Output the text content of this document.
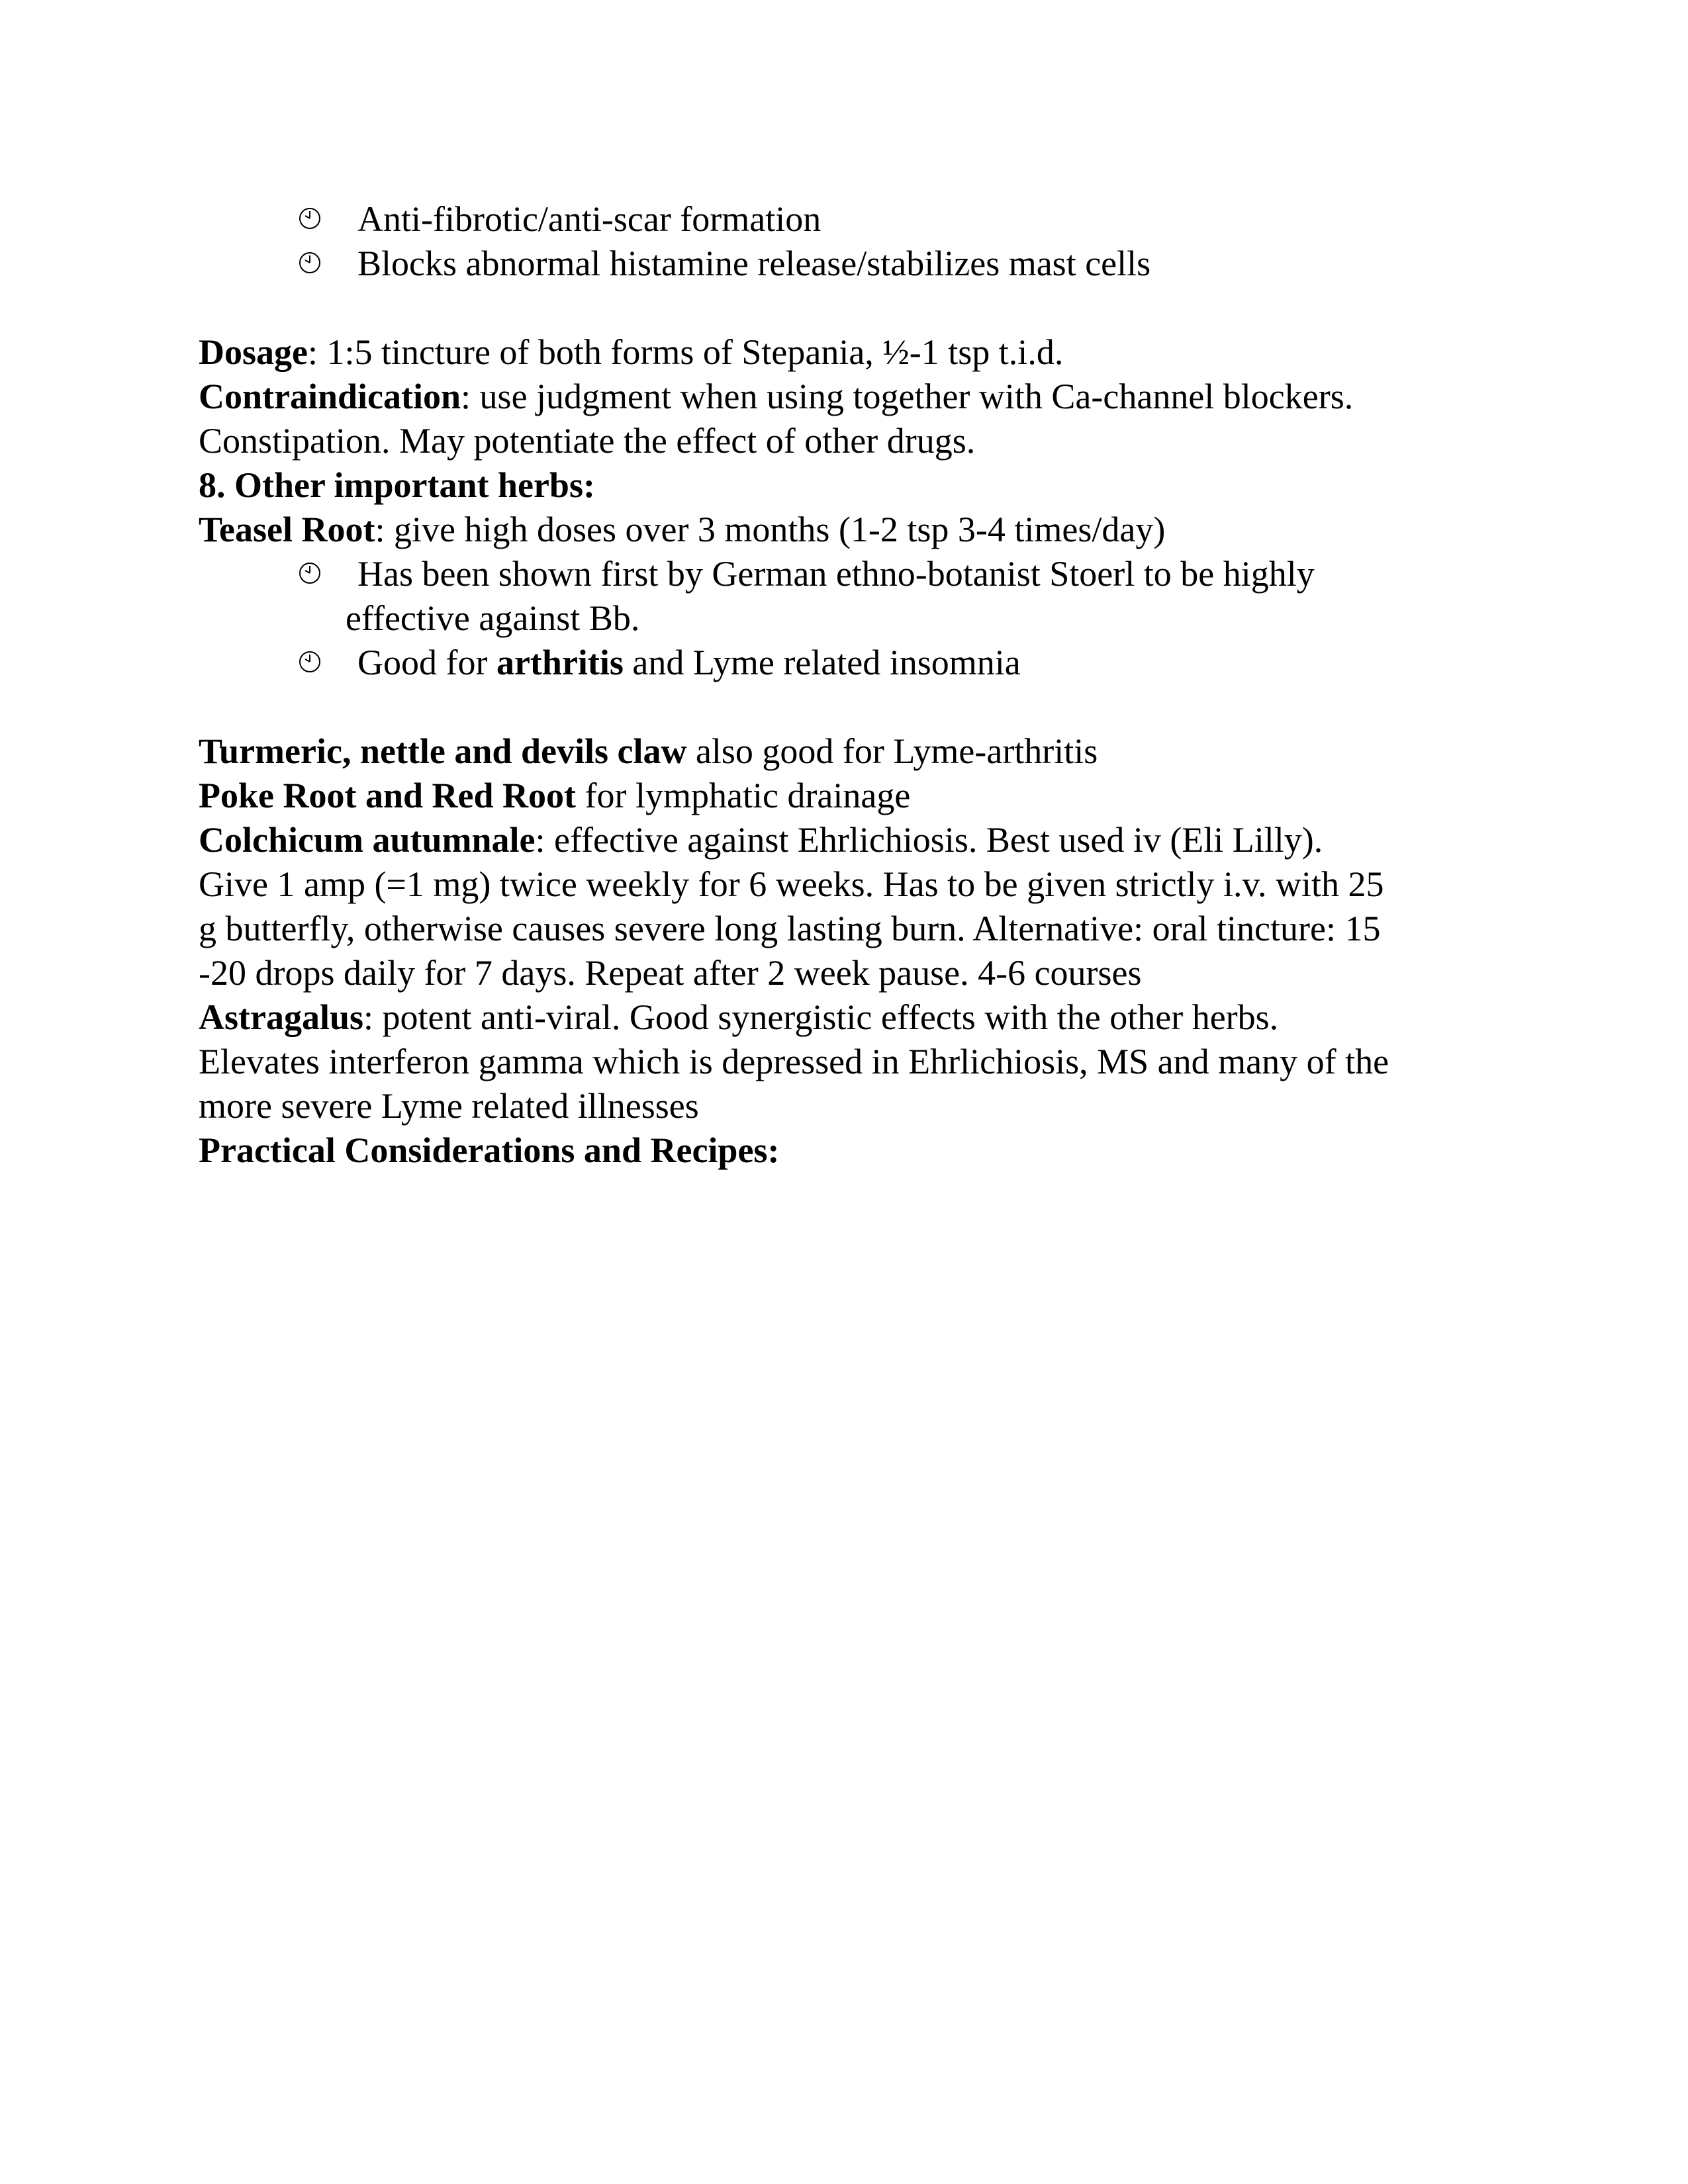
Anti-fibrotic/anti-scar formation
Blocks abnormal histamine release/stabilizes mast cells
Dosage: 1:5 tincture of both forms of Stepania, ½-1 tsp t.i.d.
Contraindication: use judgment when using together with Ca-channel blockers.
Constipation. May potentiate the effect of other drugs.
8. Other important herbs:
Teasel Root: give high doses over 3 months (1-2 tsp 3-4 times/day)
Has been shown first by German ethno-botanist Stoerl to be highly
effective against Bb.
Good for arthritis and Lyme related insomnia
Turmeric, nettle and devils claw also good for Lyme-arthritis
Poke Root and Red Root for lymphatic drainage
Colchicum autumnale: effective against Ehrlichiosis. Best used iv (Eli Lilly).
Give 1 amp (=1 mg) twice weekly for 6 weeks. Has to be given strictly i.v. with 25
g butterfly, otherwise causes severe long lasting burn. Alternative: oral tincture: 15
-20 drops daily for 7 days. Repeat after 2 week pause. 4-6 courses
Astragalus: potent anti-viral. Good synergistic effects with the other herbs.
Elevates interferon gamma which is depressed in Ehrlichiosis, MS and many of the
more severe Lyme related illnesses
Practical Considerations and Recipes:
